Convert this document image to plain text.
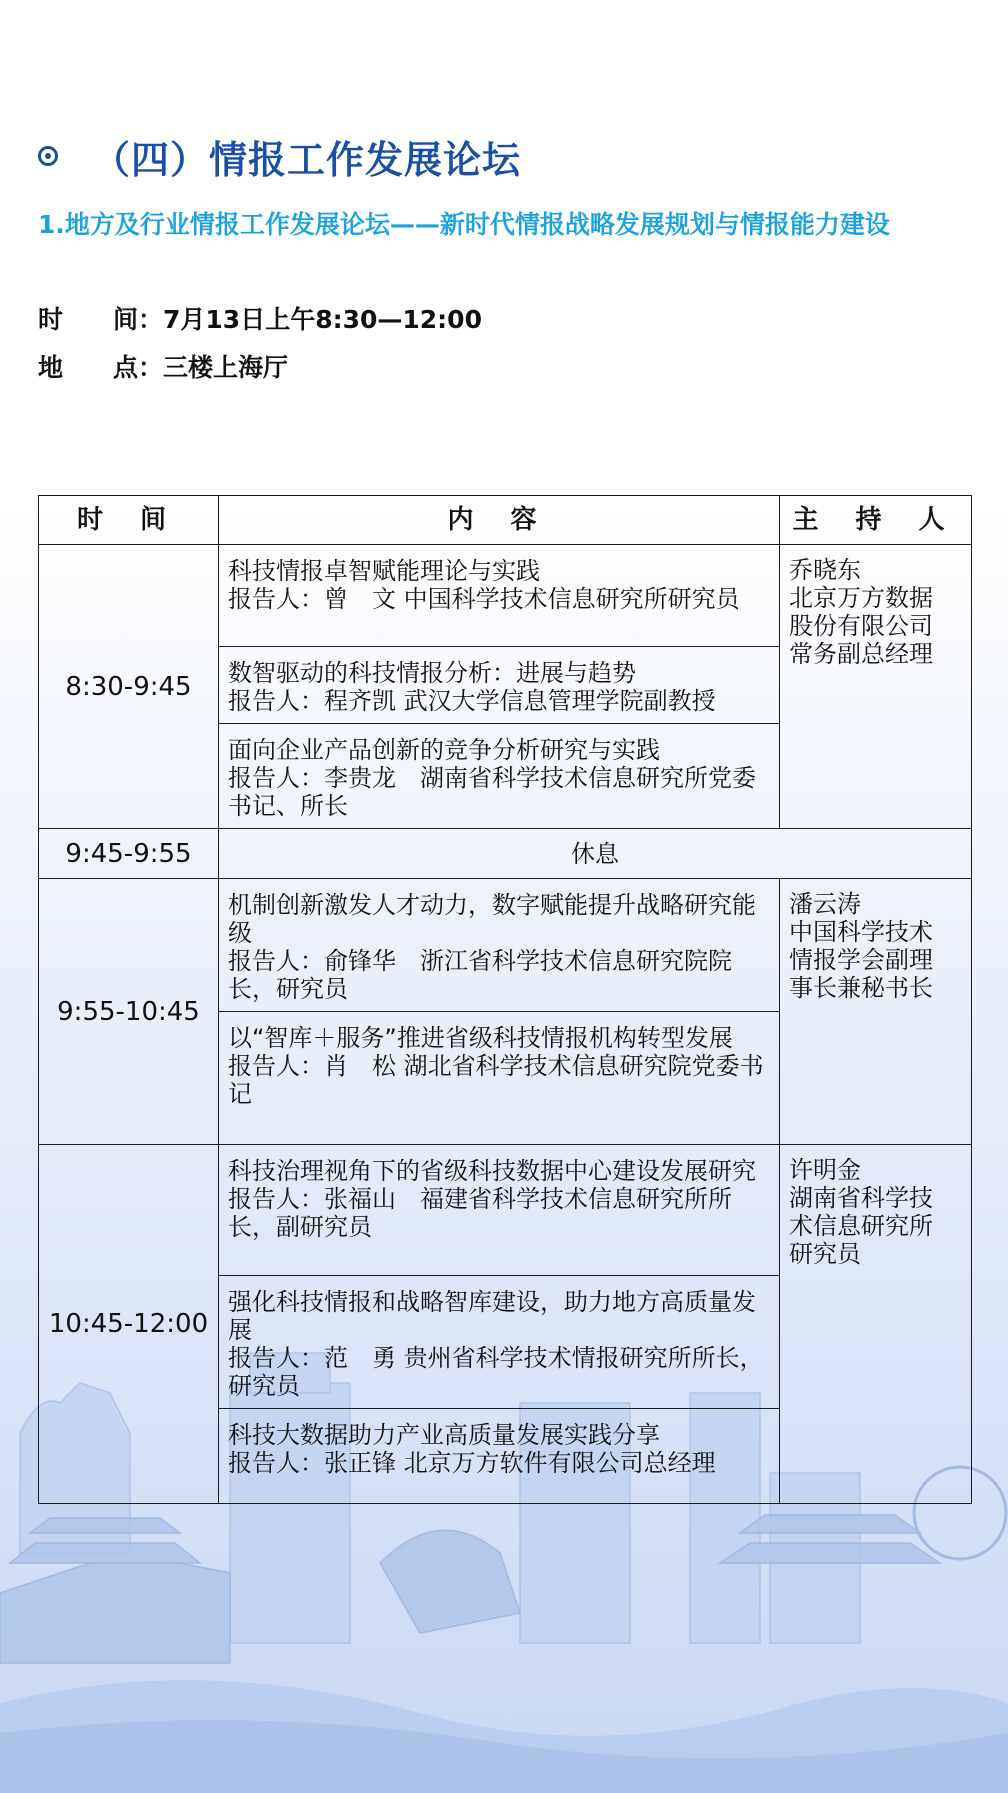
（四）情报工作发展论坛
1.地方及行业情报工作发展论坛——新时代情报战略发展规划与情报能力建设
时　　间：7月13日上午8:30—12:00
地　　点：三楼上海厅
时 间	内 容	主 持 人
8:30-9:45	科技情报卓智赋能理论与实践
报告人：曾　文 中国科学技术信息研究所研究员	乔晓东
北京万方数据
股份有限公司
常务副总经理

	数智驱动的科技情报分析：进展与趋势
报告人：程齐凯 武汉大学信息管理学院副教授	

	面向企业产品创新的竞争分析研究与实践
报告人：李贵龙　湖南省科学技术信息研究所党委书记、所长	

9:45-9:55	休息	
9:55-10:45	机制创新激发人才动力，数字赋能提升战略研究能级
报告人：俞锋华　浙江省科学技术信息研究院院长，研究员	潘云涛
中国科学技术
情报学会副理
事长兼秘书长

	以“智库＋服务”推进省级科技情报机构转型发展
报告人：肖　松 湖北省科学技术信息研究院党委书记	

10:45-12:00	科技治理视角下的省级科技数据中心建设发展研究
报告人：张福山　福建省科学技术信息研究所所长，副研究员	许明金
湖南省科学技
术信息研究所
研究员

	强化科技情报和战略智库建设，助力地方高质量发展
报告人：范　勇 贵州省科学技术情报研究所所长，研究员	

	科技大数据助力产业高质量发展实践分享
报告人：张正锋 北京万方软件有限公司总经理	
